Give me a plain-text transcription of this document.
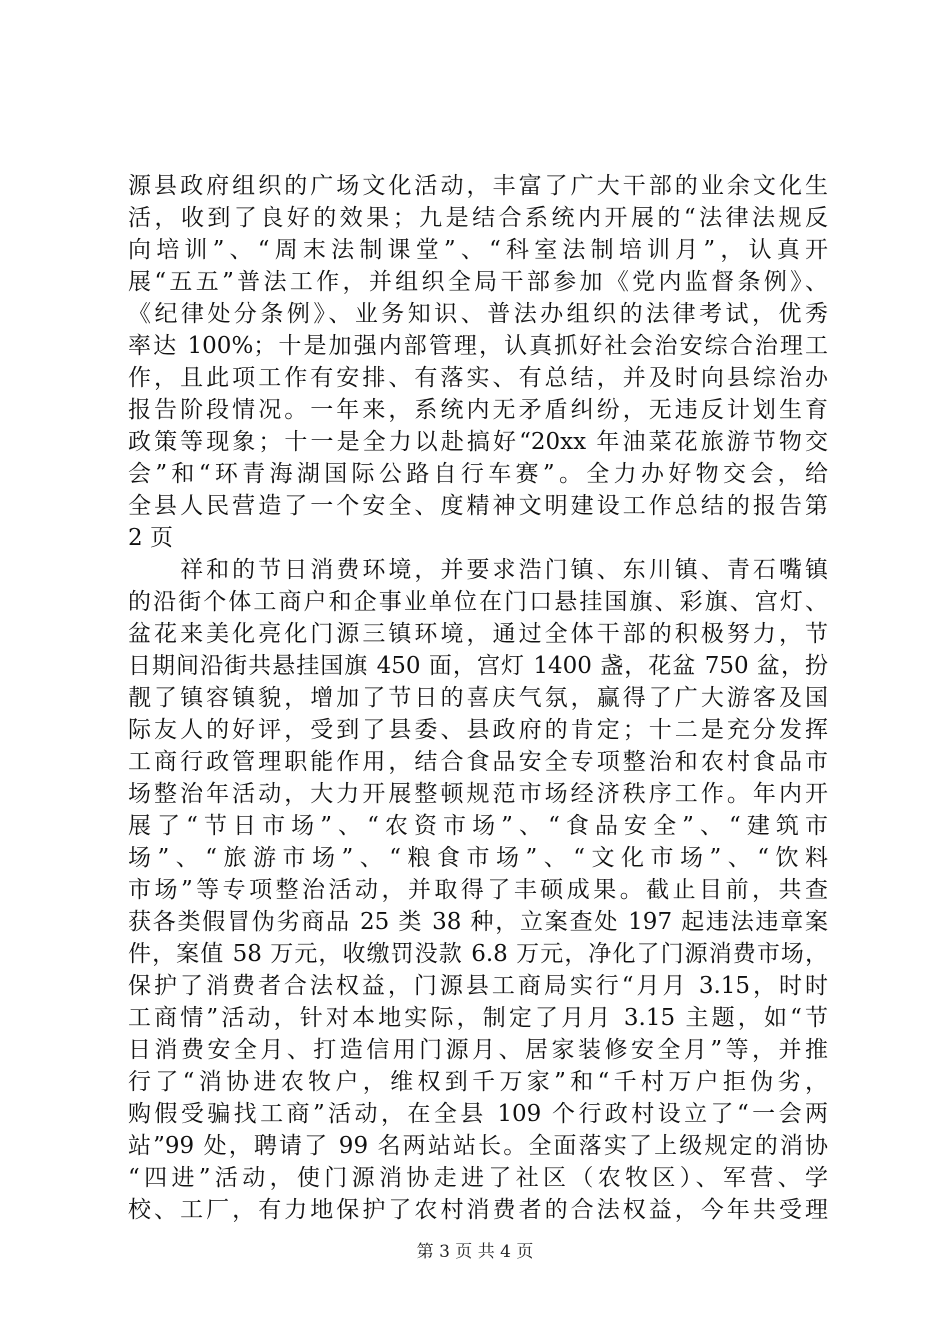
源县政府组织的广场文化活动，丰富了广大干部的业余文化生
活，收到了良好的效果；九是结合系统内开展的“法律法规反
向培训”、“周末法制课堂”、“科室法制培训月”，认真开
展“五五”普法工作，并组织全局干部参加《党内监督条例》、
《纪律处分条例》、业务知识、普法办组织的法律考试，优秀
率达 100%；十是加强内部管理，认真抓好社会治安综合治理工
作，且此项工作有安排、有落实、有总结，并及时向县综治办
报告阶段情况。一年来，系统内无矛盾纠纷，无违反计划生育
政策等现象；十一是全力以赴搞好“20xx 年油菜花旅游节物交
会”和“环青海湖国际公路自行车赛”。全力办好物交会，给
全县人民营造了一个安全、度精神文明建设工作总结的报告第
2 页
　　祥和的节日消费环境，并要求浩门镇、东川镇、青石嘴镇
的沿街个体工商户和企事业单位在门口悬挂国旗、彩旗、宫灯、
盆花来美化亮化门源三镇环境，通过全体干部的积极努力，节
日期间沿街共悬挂国旗 450 面，宫灯 1400 盏，花盆 750 盆，扮
靓了镇容镇貌，增加了节日的喜庆气氛，赢得了广大游客及国
际友人的好评，受到了县委、县政府的肯定；十二是充分发挥
工商行政管理职能作用，结合食品安全专项整治和农村食品市
场整治年活动，大力开展整顿规范市场经济秩序工作。年内开
展了“节日市场”、“农资市场”、“食品安全”、“建筑市
场”、“旅游市场”、“粮食市场”、“文化市场”、“饮料
市场”等专项整治活动，并取得了丰硕成果。截止目前，共查
获各类假冒伪劣商品 25 类 38 种，立案查处 197 起违法违章案
件，案值 58 万元，收缴罚没款 6.8 万元，净化了门源消费市场，
保护了消费者合法权益，门源县工商局实行“月月 3.15，时时
工商情”活动，针对本地实际，制定了月月 3.15 主题，如“节
日消费安全月、打造信用门源月、居家装修安全月”等，并推
行了“消协进农牧户，维权到千万家”和“千村万户拒伪劣，
购假受骗找工商”活动，在全县 109 个行政村设立了“一会两
站”99 处，聘请了 99 名两站站长。全面落实了上级规定的消协
“四进”活动，使门源消协走进了社区（农牧区）、军营、学
校、工厂，有力地保护了农村消费者的合法权益，今年共受理
第 3 页 共 4 页
